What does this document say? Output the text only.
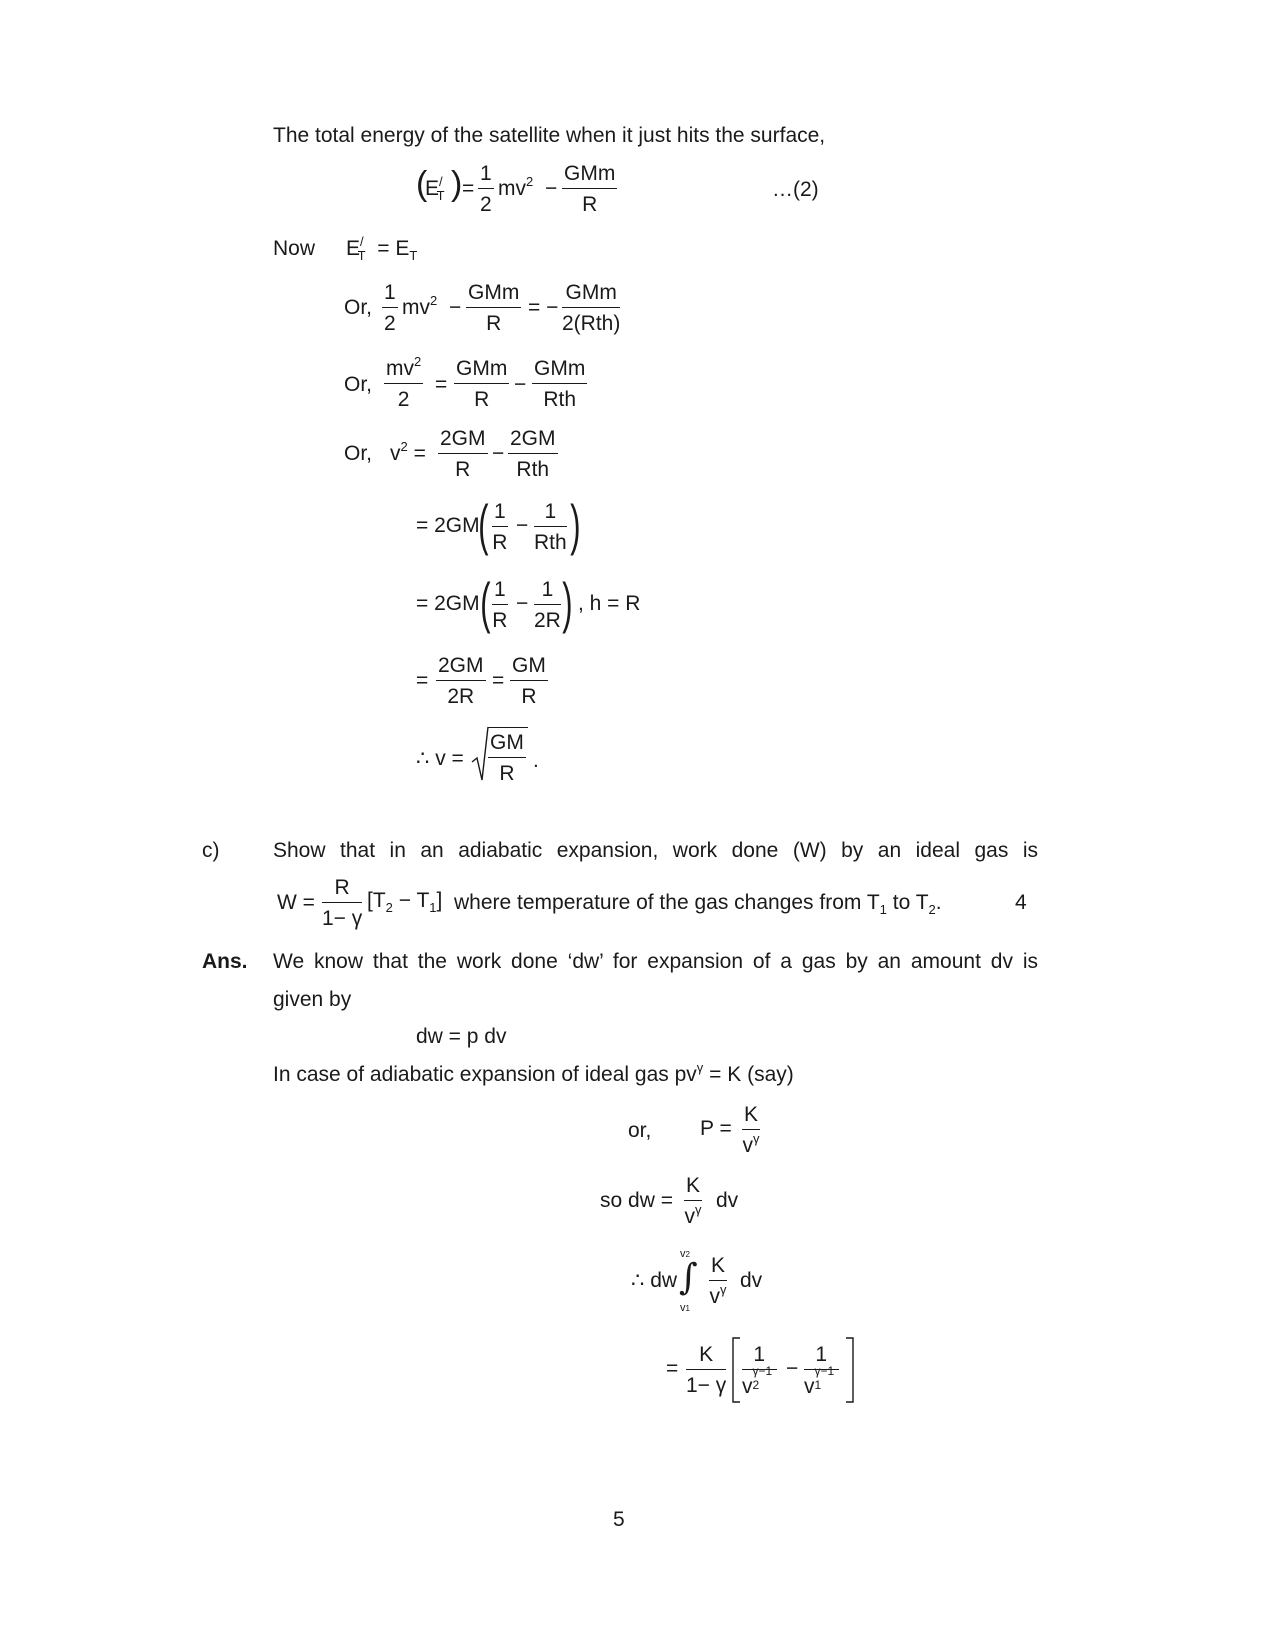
The total energy of the satellite when it just hits the surface,
(
$E^/_T$ ) = $\frac{1}{2} mv^2$ −
GMm
R
…(2)
Now $E^/_T = E_T$
Or, $\frac{1}{2} mv^2$ −
GMm
R
= −
GMm
2(Rth)
Or, $\frac{mv^2}{2}$ =
GMm
R
−
GMm
Rth
Or, $v^2 = \frac{2GM}{R}$ −
2GM
Rth
= 2GM
( $\frac{1}{R}$ −
1
Rth )
= 2GM ( $\frac{1}{R} - \frac{1}{2R}$ ) , h = R
= $\frac{2GM}{2R} = \frac{GM}{R}$
∴ $v = \frac{GM}{R}$ .
c)	Show that in an adiabatic expansion, work done (W) by an ideal gas is
$W = \frac{R}{1- \gamma} [T_2 - T_1]$ where temperature of the gas changes from $T_1$ to $T_2$.	4
Ans. We know that the work done ‘dw’ for expansion of a gas by an amount dv is
given by
dw = p dv
In case of adiabatic expansion of ideal gas $pv^\gamma = K$ (say)
or, $P = \frac{K}{v^\gamma}$
so dw = $\frac{K}{v^\gamma}$ dv
∴ dw
v2
∫
v1
$\frac{K}{v^\gamma}$ dv
= $\frac{K}{1- \gamma} 1$
v
γ−1
2 − 1
v
γ−1
1
5
